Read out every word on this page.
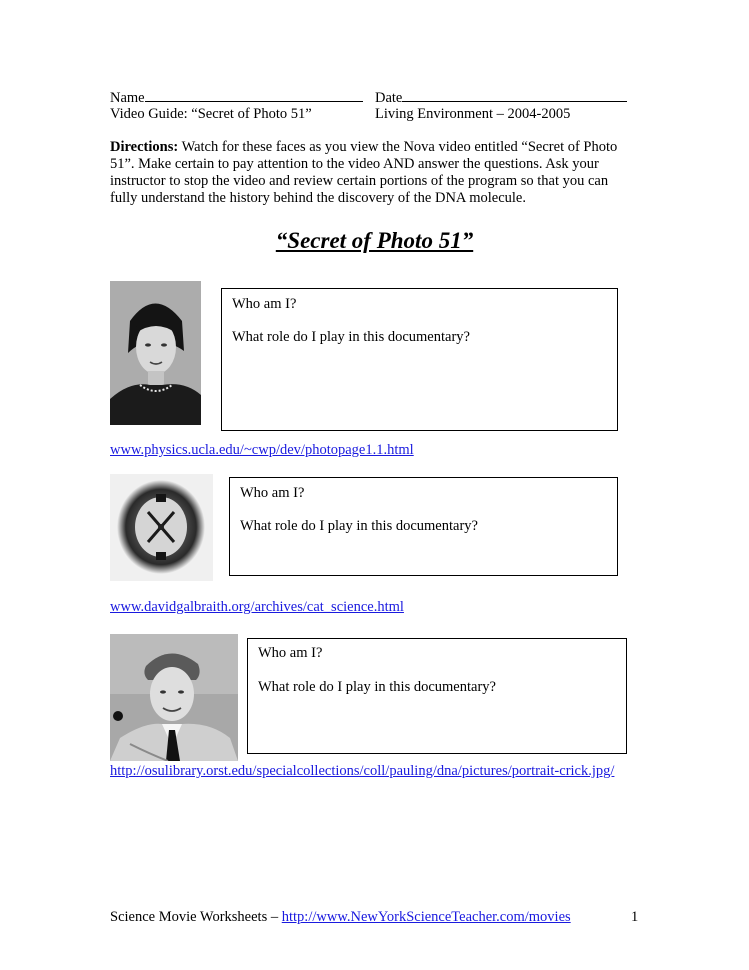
Name	Date
Video Guide: “Secret of Photo 51”	Living Environment – 2004-2005
Directions: Watch for these faces as you view the Nova video entitled “Secret of Photo 51”. Make certain to pay attention to the video AND answer the questions. Ask your instructor to stop the video and review certain portions of the program so that you can fully understand the history behind the discovery of the DNA molecule.
“Secret of Photo 51”
Who am I?
What role do I play in this documentary?
www.physics.ucla.edu/~cwp/dev/photopage1.1.html
Who am I?
What role do I play in this documentary?
www.davidgalbraith.org/archives/cat_science.html
Who am I?
What role do I play in this documentary?
http://osulibrary.orst.edu/specialcollections/coll/pauling/dna/pictures/portrait-crick.jpg/
Science Movie Worksheets – http://www.NewYorkScienceTeacher.com/movies	1
